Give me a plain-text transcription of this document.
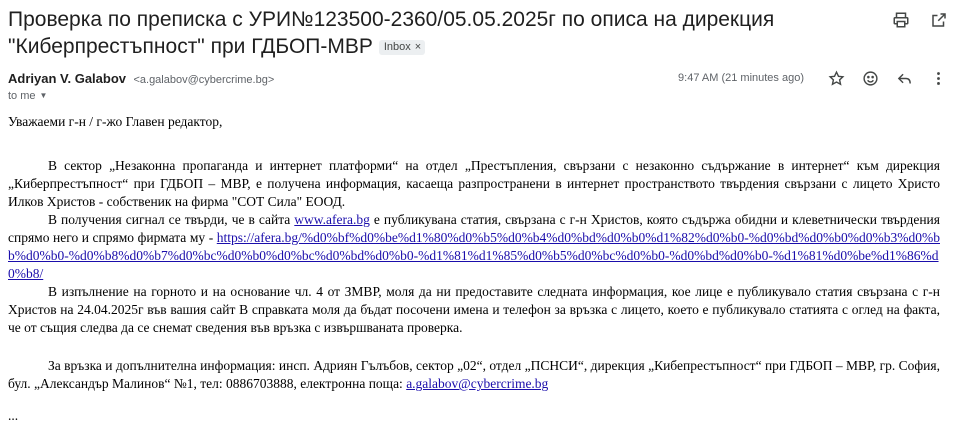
Проверка по преписка с УРИ№123500-2360/05.05.2025г по описа на дирекция "Киберпрестъпност" при ГДБОП-МВР Inbox ×

Adriyan V. Galabov <a.galabov@cybercrime.bg>	9:47 AM (21 minutes ago)
to me ▼

Уважаеми г-н / г-жо Главен редактор,

В сектор „Незаконна пропаганда и интернет платформи“ на отдел „Престъпления, свързани с незаконно съдържание в интернет“ към дирекция „Киберпрестъпност“ при ГДБОП – МВР, е получена информация, касаеща разпространени в интернет пространството твърдения свързани с лицето Христо Илков Христов - собственик на фирма "СОТ Сила" ЕООД.

В получения сигнал се твърди, че в сайта www.afera.bg е публикувана статия, свързана с г-н Христов, която съдържа обидни и клеветнически твърдения спрямо него и спрямо фирмата му - https://afera.bg/%d0%bf%d0%be%d1%80%d0%b5%d0%b4%d0%bd%d0%b0%d1%82%d0%b0-%d0%bd%d0%b0%d0%b3%d0%bb%d0%b0-%d0%b8%d0%b7%d0%bc%d0%b0%d0%bc%d0%bd%d0%b0-%d1%81%d1%85%d0%b5%d0%bc%d0%b0-%d0%bd%d0%b0-%d1%81%d0%be%d1%86%d0%b8/

В изпълнение на горното и на основание чл. 4 от ЗМВР, моля да ни предоставите следната информация, кое лице е публикувало статия свързана с г-н Христов на 24.04.2025г във вашия сайт В справката моля да бъдат посочени имена и телефон за връзка с лицето, което е публикувало статията с оглед на факта, че от същия следва да се снемат сведения във връзка с извършваната проверка.

За връзка и допълнителна информация: инсп. Адриян Гълъбов, сектор „02“, отдел „ПСНСИ“, дирекция „Кибепрестъпност“ при ГДБОП – МВР, гр. София, бул. „Александър Малинов“ №1, тел: 0886703888, електронна поща: a.galabov@cybercrime.bg

...
